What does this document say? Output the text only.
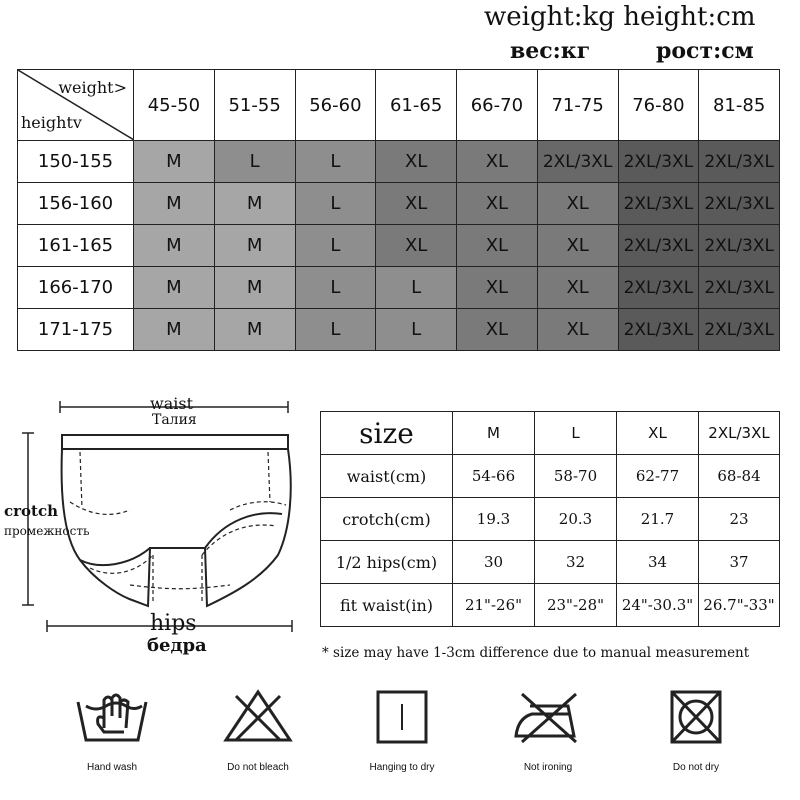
weight:kg height:cm
вес:кг	рост:см
weight>
heightv	45-50	51-55	56-60	61-65	66-70	71-75	76-80	81-85
150-155	M	L	L	XL	XL	2XL/3XL	2XL/3XL	2XL/3XL
156-160	M	M	L	XL	XL	XL	2XL/3XL	2XL/3XL
161-165	M	M	L	XL	XL	XL	2XL/3XL	2XL/3XL
166-170	M	M	L	L	XL	XL	2XL/3XL	2XL/3XL
171-175	M	M	L	L	XL	XL	2XL/3XL	2XL/3XL
waist
Талия
crotch
промежность
hips
бедра
size	M	L	XL	2XL/3XL
waist(cm)	54-66	58-70	62-77	68-84
crotch(cm)	19.3	20.3	21.7	23
1/2 hips(cm)	30	32	34	37
fit waist(in)	21"-26"	23"-28"	24"-30.3"	26.7"-33"
* size may have 1-3cm difference due to manual measurement
Hand wash	Do not bleach	Hanging to dry	Not ironing	Do not dry
